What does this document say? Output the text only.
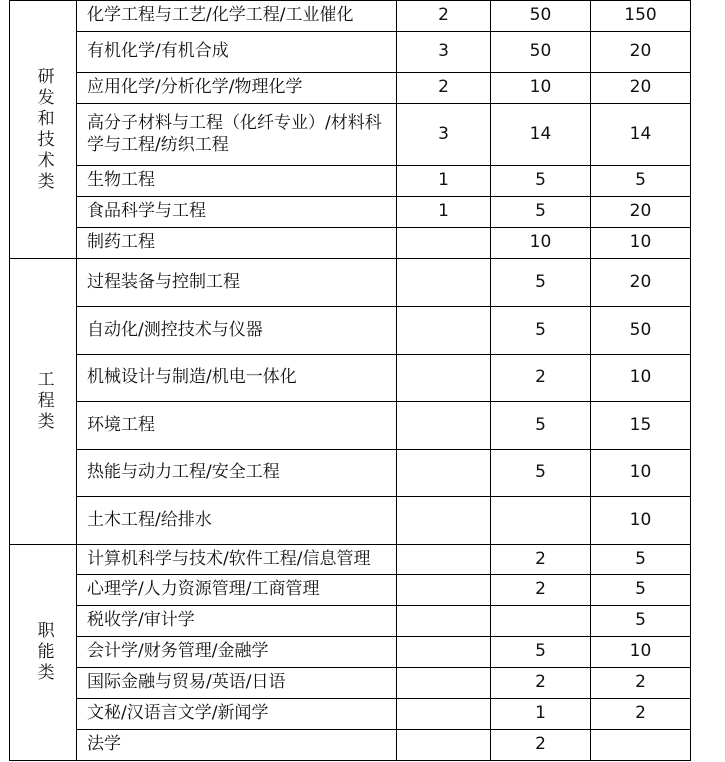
研发和技术类	化学工程与工艺/化学工程/工业催化	2	50	150
	有机化学/有机合成	3	50	20
	应用化学/分析化学/物理化学	2	10	20
	高分子材料与工程（化纤专业）/材料科学与工程/纺织工程	3	14	14
	生物工程	1	5	5
	食品科学与工程	1	5	20
	制药工程		10	10
工程类	过程装备与控制工程		5	20
	自动化/测控技术与仪器		5	50
	机械设计与制造/机电一体化		2	10
	环境工程		5	15
	热能与动力工程/安全工程		5	10
	土木工程/给排水			10
职能类	计算机科学与技术/软件工程/信息管理		2	5
	心理学/人力资源管理/工商管理		2	5
	税收学/审计学			5
	会计学/财务管理/金融学		5	10
	国际金融与贸易/英语/日语		2	2
	文秘/汉语言文学/新闻学		1	2
	法学		2	
